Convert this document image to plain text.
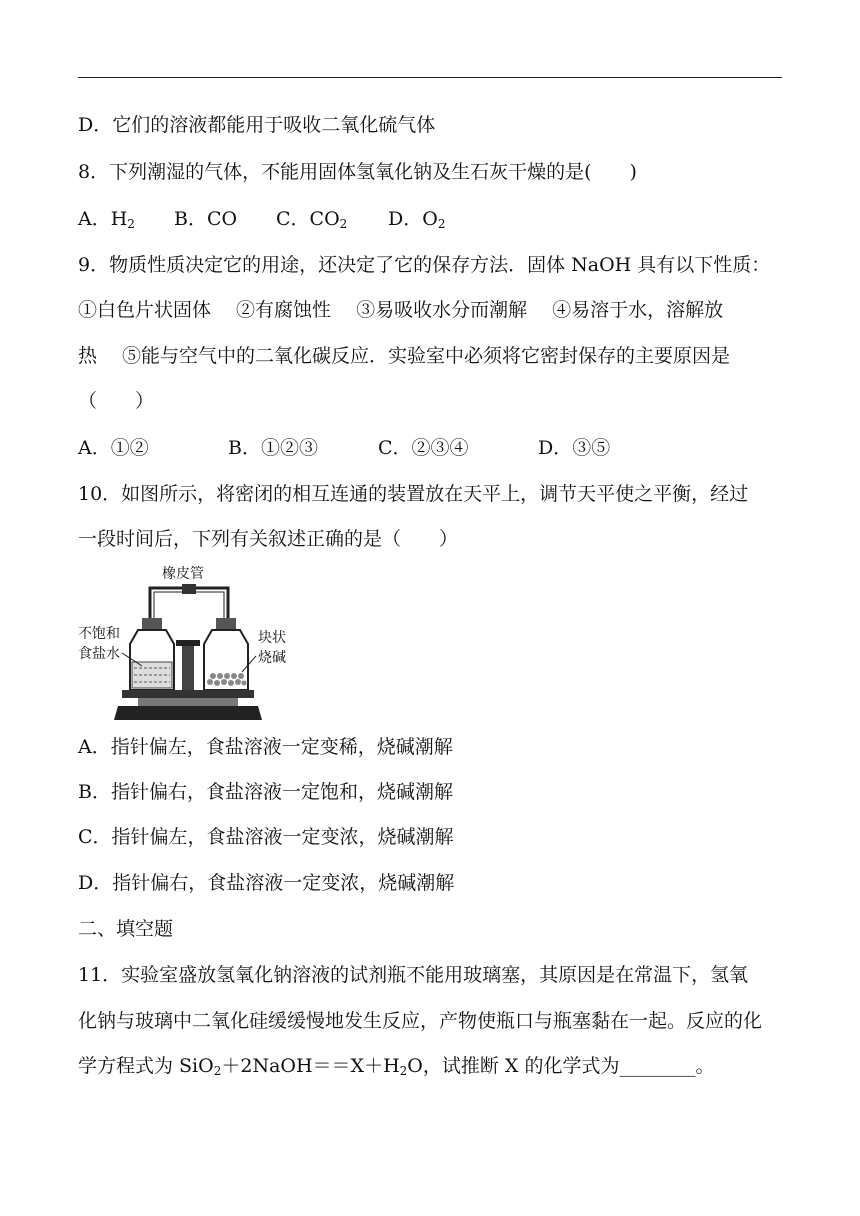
D．它们的溶液都能用于吸收二氧化硫气体
8．下列潮湿的气体，不能用固体氢氧化钠及生石灰干燥的是(　　)
A．$H_2$ B．CO C．$CO_2$ D．$O_2$
9．物质性质决定它的用途，还决定了它的保存方法．固体 NaOH 具有以下性质：
①白色片状固体　 ②有腐蚀性　 ③易吸收水分而潮解　 ④易溶于水，溶解放
热　 ⑤能与空气中的二氧化碳反应．实验室中必须将它密封保存的主要原因是
（　　）
A．①②	B．①②③	C．②③④	D．③⑤
10．如图所示，将密闭的相互连通的装置放在天平上，调节天平使之平衡，经过
一段时间后，下列有关叙述正确的是（　　）
橡皮管
不饱和
食盐水
块状
烧碱
A．指针偏左，食盐溶液一定变稀，烧碱潮解
B．指针偏右，食盐溶液一定饱和，烧碱潮解
C．指针偏左，食盐溶液一定变浓，烧碱潮解
D．指针偏右，食盐溶液一定变浓，烧碱潮解
二、填空题
11．实验室盛放氢氧化钠溶液的试剂瓶不能用玻璃塞，其原因是在常温下，氢氧
化钠与玻璃中二氧化硅缓缓慢地发生反应，产物使瓶口与瓶塞黏在一起。反应的化
学方程式为 $SiO_2+2NaOH==X+H_2O$，试推断 X 的化学式为________。
